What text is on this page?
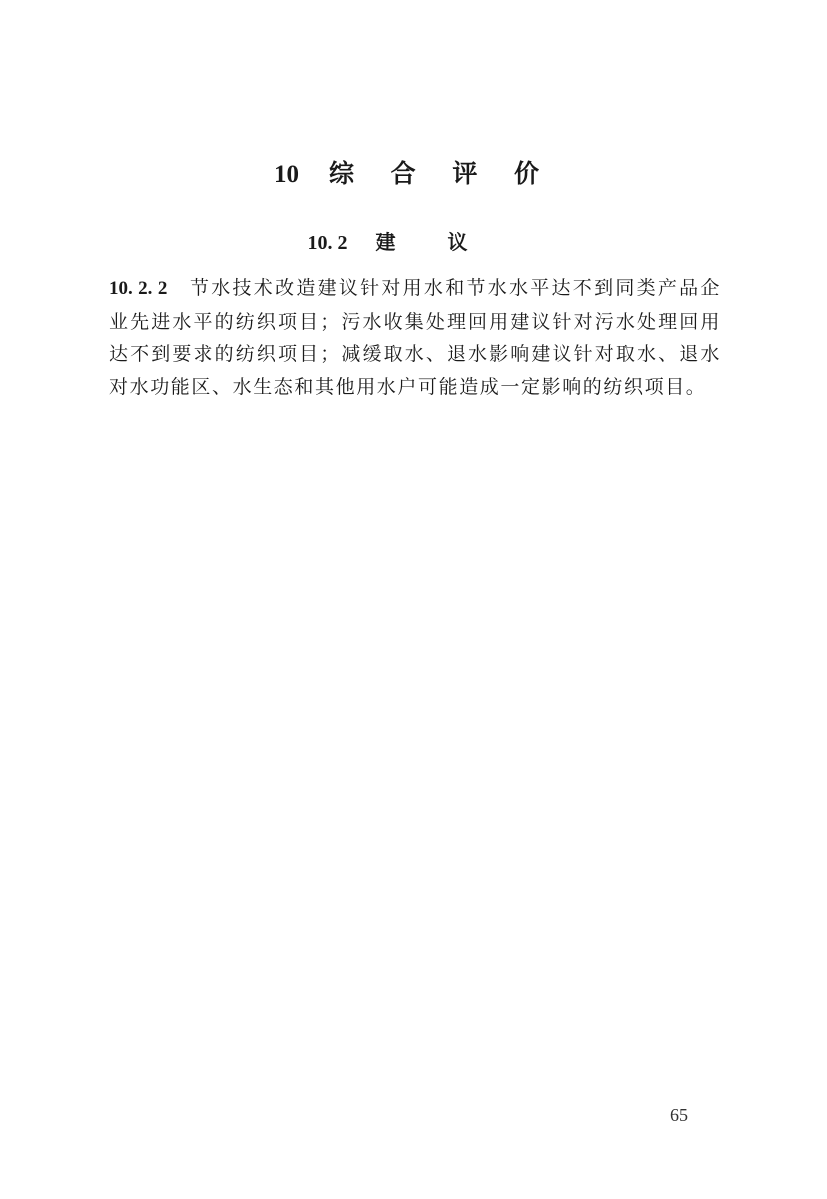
10 综 合 评 价
10. 2 建议
10. 2. 2 节水技术改造建议针对用水和节水水平达不到同类产品企业先进水平的纺织项目；污水收集处理回用建议针对污水处理回用达不到要求的纺织项目；减缓取水、退水影响建议针对取水、退水对水功能区、水生态和其他用水户可能造成一定影响的纺织项目。
65
